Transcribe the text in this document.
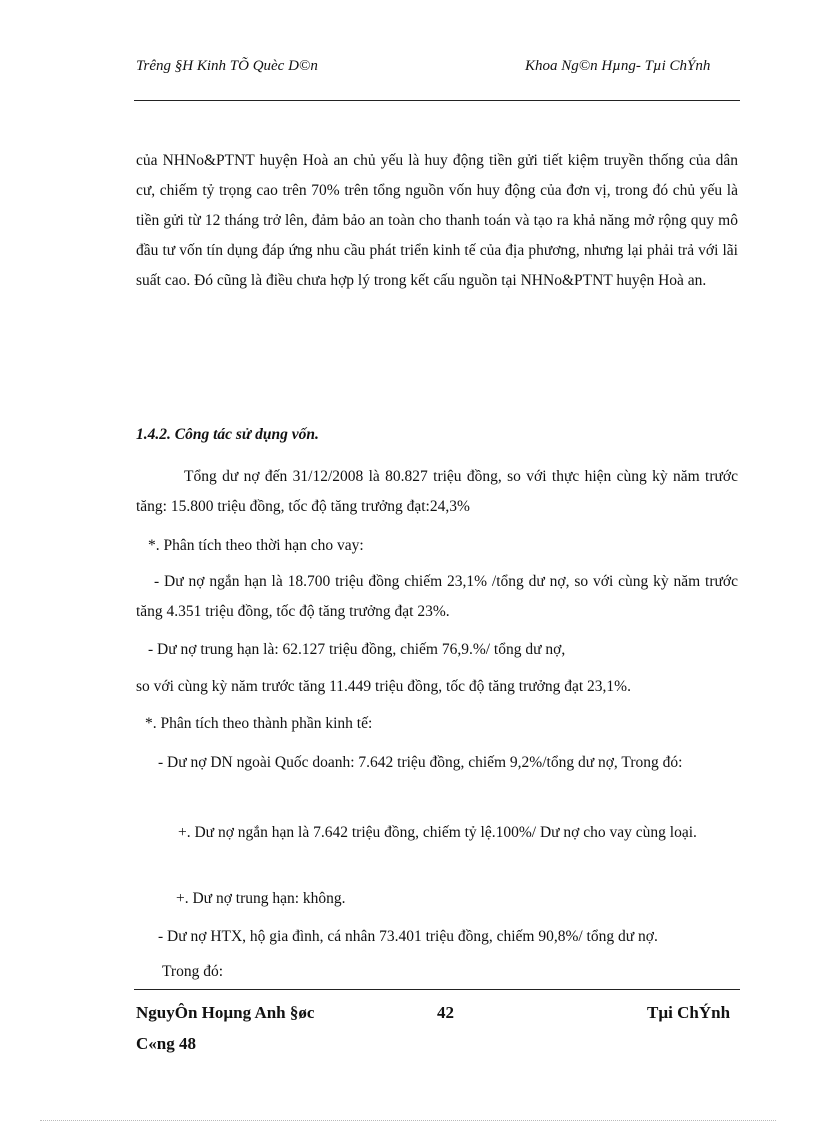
Trêng §H Kinh TÕ Quèc D©n	Khoa Ng©n Hµng- Tµi ChÝnh
của NHNo&PTNT huyện Hoà an chủ yếu là huy động tiền gửi tiết kiệm truyền thống của dân cư, chiếm tỷ trọng cao trên 70% trên tổng nguồn vốn huy động của đơn vị, trong đó chủ yếu là tiền gửi từ 12 tháng trở lên, đảm bảo an toàn cho thanh toán và tạo ra khả năng mở rộng quy mô đầu tư vốn tín dụng đáp ứng nhu cầu phát triển kinh tế của địa phương, nhưng lại phải trả với lãi suất cao. Đó cũng là điều chưa hợp lý trong kết cấu nguồn tại NHNo&PTNT huyện Hoà an.
1.4.2. Công tác sử dụng vốn.
Tổng dư nợ đến 31/12/2008 là 80.827 triệu đồng, so với thực hiện cùng kỳ năm trước tăng: 15.800 triệu đồng, tốc độ tăng trưởng đạt:24,3%
*. Phân tích theo thời hạn cho vay:
- Dư nợ ngắn hạn là 18.700 triệu đồng chiếm 23,1% /tổng dư nợ, so với cùng kỳ năm trước tăng 4.351 triệu đồng, tốc độ tăng trưởng đạt 23%.
- Dư nợ trung hạn là: 62.127 triệu đồng, chiếm 76,9.%/ tổng dư nợ,
so với cùng kỳ năm trước tăng 11.449 triệu đồng, tốc độ tăng trưởng đạt 23,1%.
*. Phân tích theo thành phần kinh tế:
- Dư nợ DN ngoài Quốc doanh: 7.642 triệu đồng, chiếm 9,2%/tổng dư nợ, Trong đó:
+. Dư nợ ngắn hạn là 7.642 triệu đồng, chiếm tỷ lệ.100%/ Dư nợ cho vay cùng loại.
+. Dư nợ trung hạn: không.
- Dư nợ HTX, hộ gia đình, cá nhân 73.401 triệu đồng, chiếm 90,8%/ tổng dư nợ.
Trong đó:
NguyÔn Hoµng Anh §øc	42	Tµi ChÝnh
C«ng 48
